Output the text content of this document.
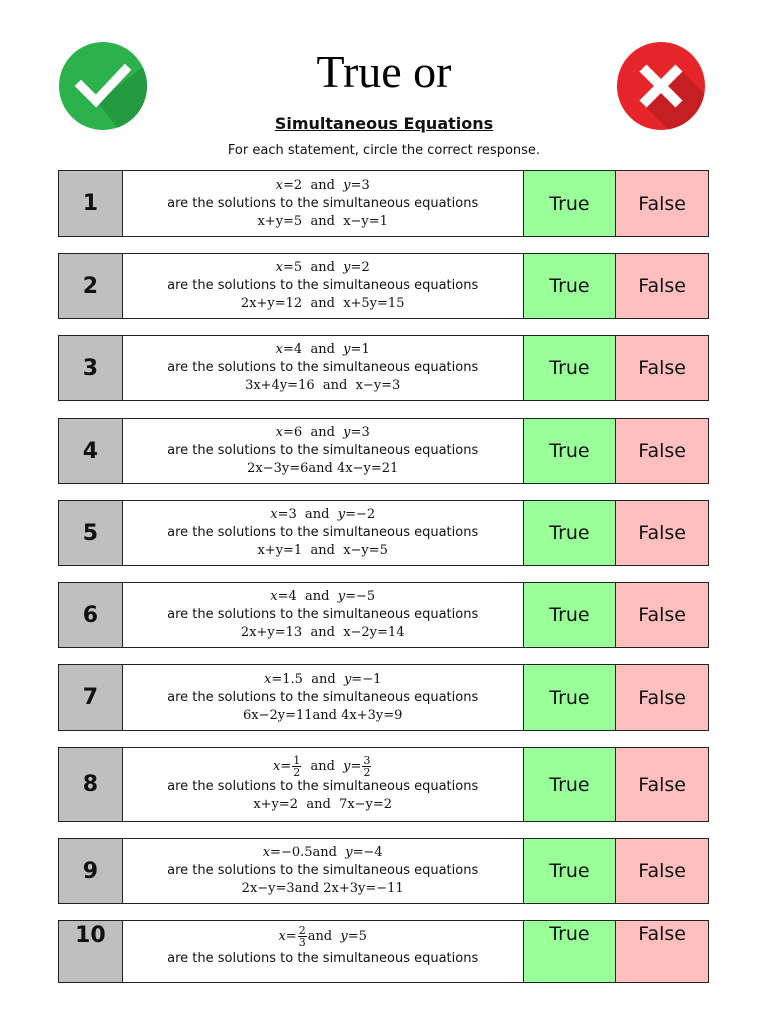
True or
Simultaneous Equations
For each statement, circle the correct response.
1
x=2  and  y=3
are the solutions to the simultaneous equations
x+y=5  and  x−y=1
True	False
2
x=5  and  y=2
are the solutions to the simultaneous equations
2x+y=12  and  x+5y=15
True	False
3
x=4  and  y=1
are the solutions to the simultaneous equations
3x+4y=16  and  x−y=3
True	False
4
x=6  and  y=3
are the solutions to the simultaneous equations
2x−3y=6and 4x−y=21
True	False
5
x=3  and  y=−2
are the solutions to the simultaneous equations
x+y=1  and  x−y=5
True	False
6
x=4  and  y=−5
are the solutions to the simultaneous equations
2x+y=13  and  x−2y=14
True	False
7
x=1.5  and  y=−1
are the solutions to the simultaneous equations
6x−2y=11and 4x+3y=9
True	False
8
$x= \frac{1}{2}$ and  $y= \frac{3}{2}$
are the solutions to the simultaneous equations
x+y=2  and  7x−y=2
True	False
9
x=−0.5and  y=−4
are the solutions to the simultaneous equations
2x−y=3and 2x+3y=−11
True	False
10	$x= \frac{2}{3}$ and  y=5
are the solutions to the simultaneous equations
True	False
